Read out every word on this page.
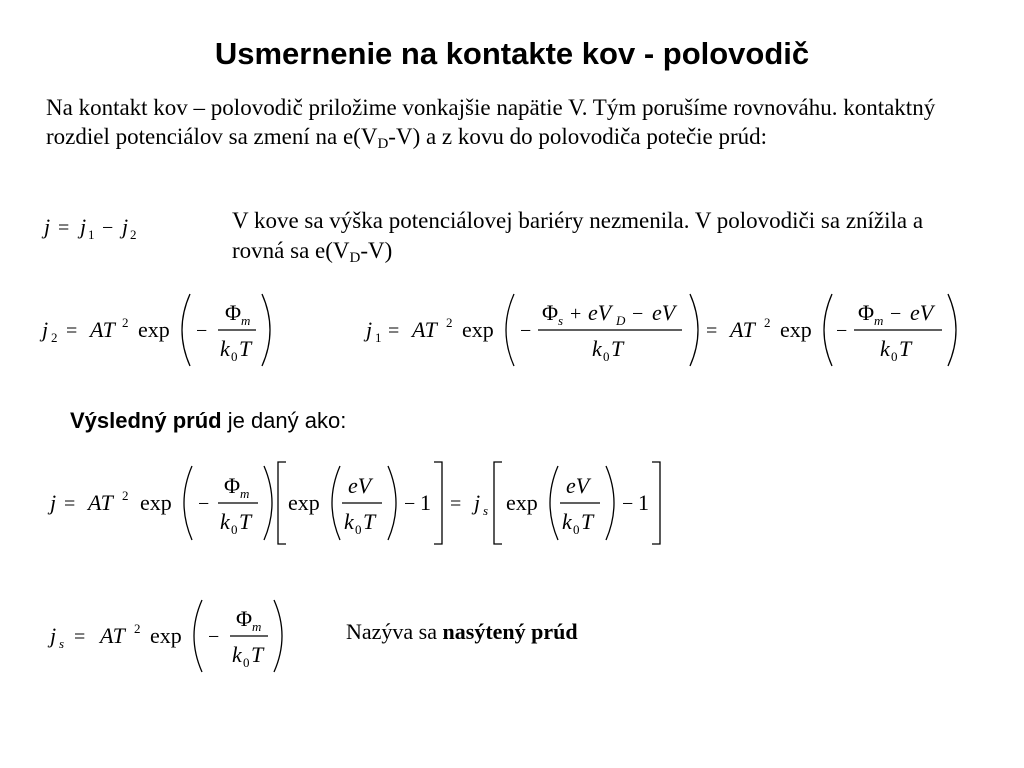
Usmernenie na kontakte kov - polovodič
Na kontakt kov – polovodič priložime vonkajšie napätie V. Tým porušíme rovnováhu. kontaktný rozdiel potenciálov sa zmení na $e(V_D-V)$ a z kovu do polovodiča potečie prúd:
j = j 1 − j 2
V kove sa výška potenciálovej bariéry nezmenila. V polovodiči sa znížila a rovná sa $e(V_D-V)$
j 2 = AT 2 exp −
Φ m
k 0 T
j 1 = AT 2 exp −
Φ s + eV D − eV
k 0 T
= AT 2 exp −
Φ m − eV
k 0 T
Výsledný prúd je daný ako:
j = AT 2 exp −
Φ m
k 0 T
exp
eV
k 0 T
− 1 = j s exp
eV
k 0 T
− 1
j s = AT 2 exp −
Φ m
k 0 T
Nazýva sa nasýtený prúd
